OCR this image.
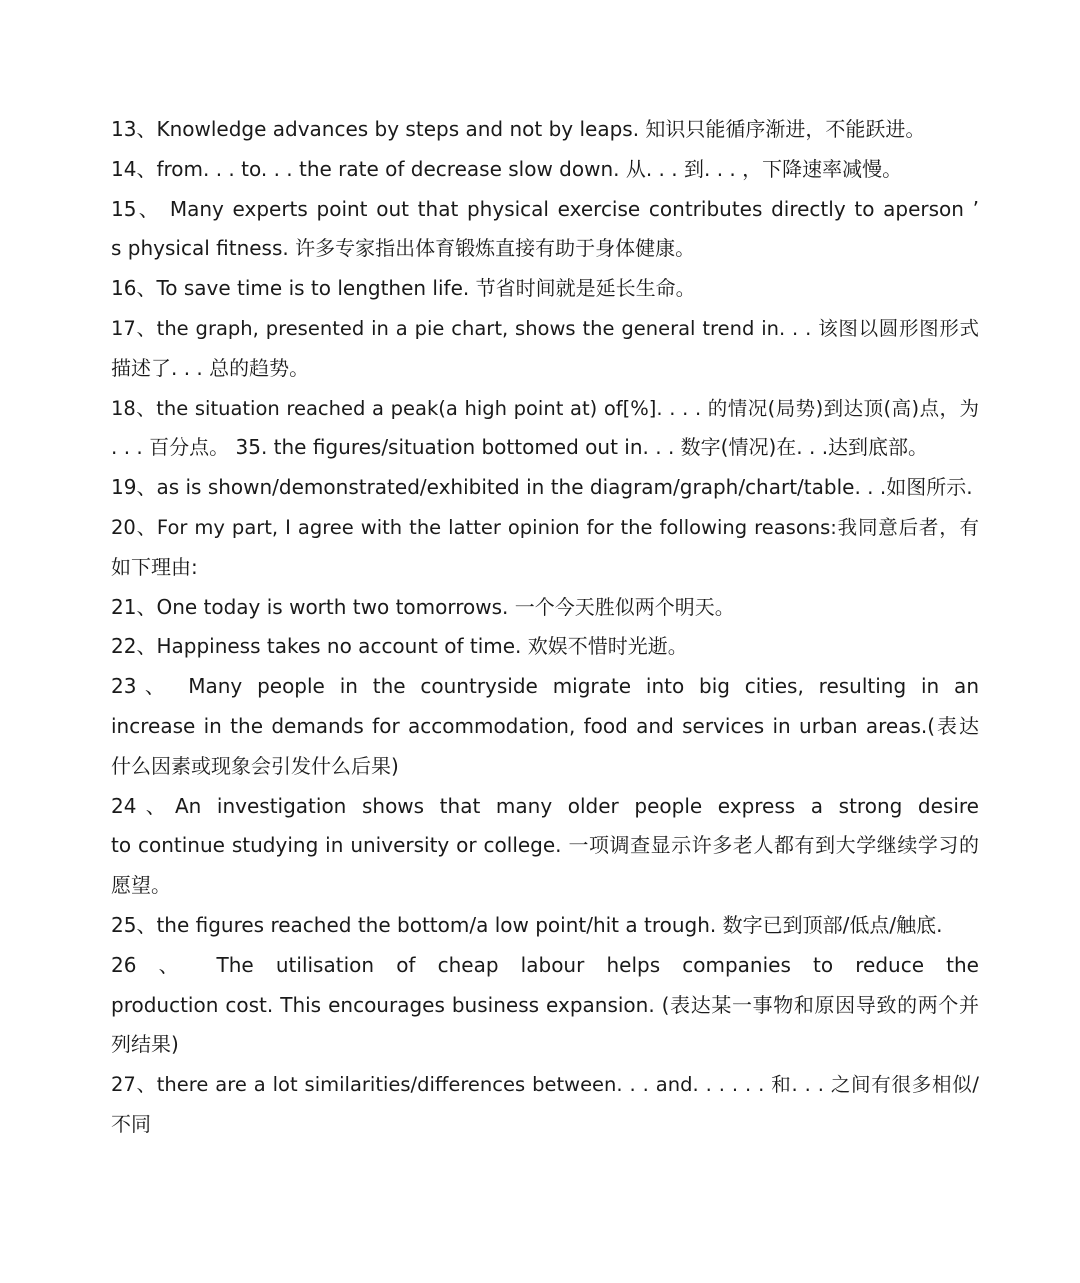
13、Knowledge advances by steps and not by leaps. 知识只能循序渐进，不能跃进。
14、from. . . to. . . the rate of decrease slow down. 从. . . 到. . . ，下降速率减慢。
15、 Many experts point out that physical exercise contributes directly to aperson ’
s physical fitness. 许多专家指出体育锻炼直接有助于身体健康。
16、To save time is to lengthen life. 节省时间就是延长生命。
17、the graph, presented in a pie chart, shows the general trend in. . . 该图以圆形图形式
描述了. . . 总的趋势。
18、the situation reached a peak(a high point at) of[%]. . . . 的情况(局势)到达顶(高)点，为
. . . 百分点。 35. the figures/situation bottomed out in. . . 数字(情况)在. . .达到底部。
19、as is shown/demonstrated/exhibited in the diagram/graph/chart/table. . .如图所示.
20、For my part, I agree with the latter opinion for the following reasons:我同意后者，有
如下理由:
21、One today is worth two tomorrows. 一个今天胜似两个明天。
22、Happiness takes no account of time. 欢娱不惜时光逝。
23、 Many people in the countryside migrate into big cities, resulting in an
increase in the demands for accommodation, food and services in urban areas.(表达
什么因素或现象会引发什么后果)
24、An investigation shows that many older people express a strong desire
to continue studying in university or college. 一项调查显示许多老人都有到大学继续学习的
愿望。
25、the figures reached the bottom/a low point/hit a trough. 数字已到顶部/低点/触底.
26 、 The utilisation of cheap labour helps companies to reduce the
production cost. This encourages business expansion. (表达某一事物和原因导致的两个并
列结果)
27、there are a lot similarities/differences between. . . and. . . . . . 和. . . 之间有很多相似/
不同
